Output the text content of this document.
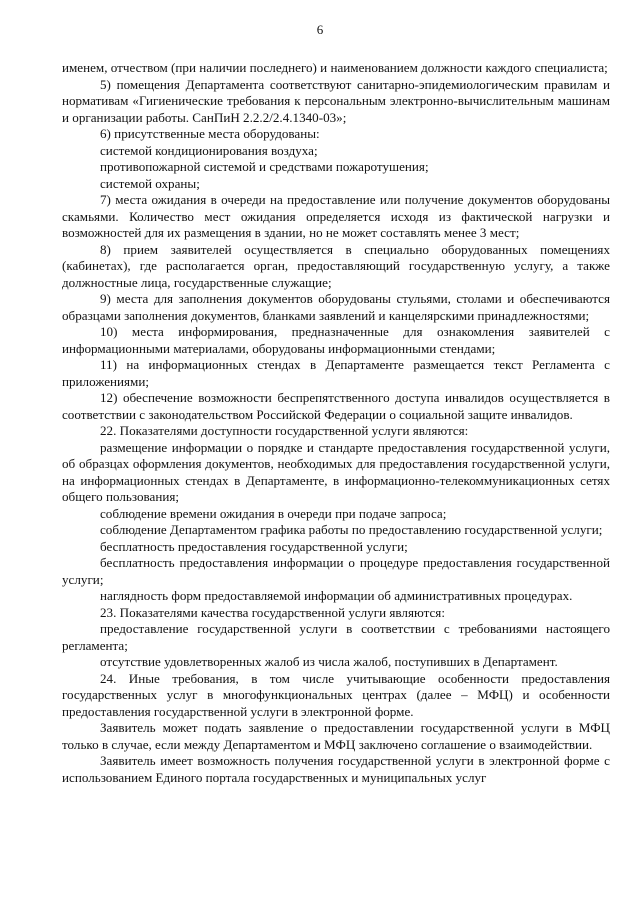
6

именем, отчеством (при наличии последнего) и наименованием должности каждого специалиста;

5) помещения Департамента соответствуют санитарно-эпидемиологическим правилам и нормативам «Гигиенические требования к персональным электронно-вычислительным машинам и организации работы. СанПиН 2.2.2/2.4.1340-03»;

6) присутственные места оборудованы:

системой кондиционирования воздуха;

противопожарной системой и средствами пожаротушения;

системой охраны;

7) места ожидания в очереди на предоставление или получение документов оборудованы скамьями. Количество мест ожидания определяется исходя из фактической нагрузки и возможностей для их размещения в здании, но не может составлять менее 3 мест;

8) прием заявителей осуществляется в специально оборудованных помещениях (кабинетах), где располагается орган, предоставляющий государственную услугу, а также должностные лица, государственные служащие;

9) места для заполнения документов оборудованы стульями, столами и обеспечиваются образцами заполнения документов, бланками заявлений и канцелярскими принадлежностями;

10) места информирования, предназначенные для ознакомления заявителей с информационными материалами, оборудованы информационными стендами;

11) на информационных стендах в Департаменте размещается текст Регламента с приложениями;

12) обеспечение возможности беспрепятственного доступа инвалидов осуществляется в соответствии с законодательством Российской Федерации о социальной защите инвалидов.

22. Показателями доступности государственной услуги являются:

размещение информации о порядке и стандарте предоставления государственной услуги, об образцах оформления документов, необходимых для предоставления государственной услуги, на информационных стендах в Департаменте, в информационно-телекоммуникационных сетях общего пользования;

соблюдение времени ожидания в очереди при подаче запроса;

соблюдение Департаментом графика работы по предоставлению государственной услуги;

бесплатность предоставления государственной услуги;

бесплатность предоставления информации о процедуре предоставления государственной услуги;

наглядность форм предоставляемой информации об административных процедурах.

23. Показателями качества государственной услуги являются:

предоставление государственной услуги в соответствии с требованиями настоящего регламента;

отсутствие удовлетворенных жалоб из числа жалоб, поступивших в Департамент.

24. Иные требования, в том числе учитывающие особенности предоставления государственных услуг в многофункциональных центрах (далее – МФЦ) и особенности предоставления государственной услуги в электронной форме.

Заявитель может подать заявление о предоставлении государственной услуги в МФЦ только в случае, если между Департаментом и МФЦ заключено соглашение о взаимодействии.

Заявитель имеет возможность получения государственной услуги в электронной форме с использованием Единого портала государственных и муниципальных услуг
